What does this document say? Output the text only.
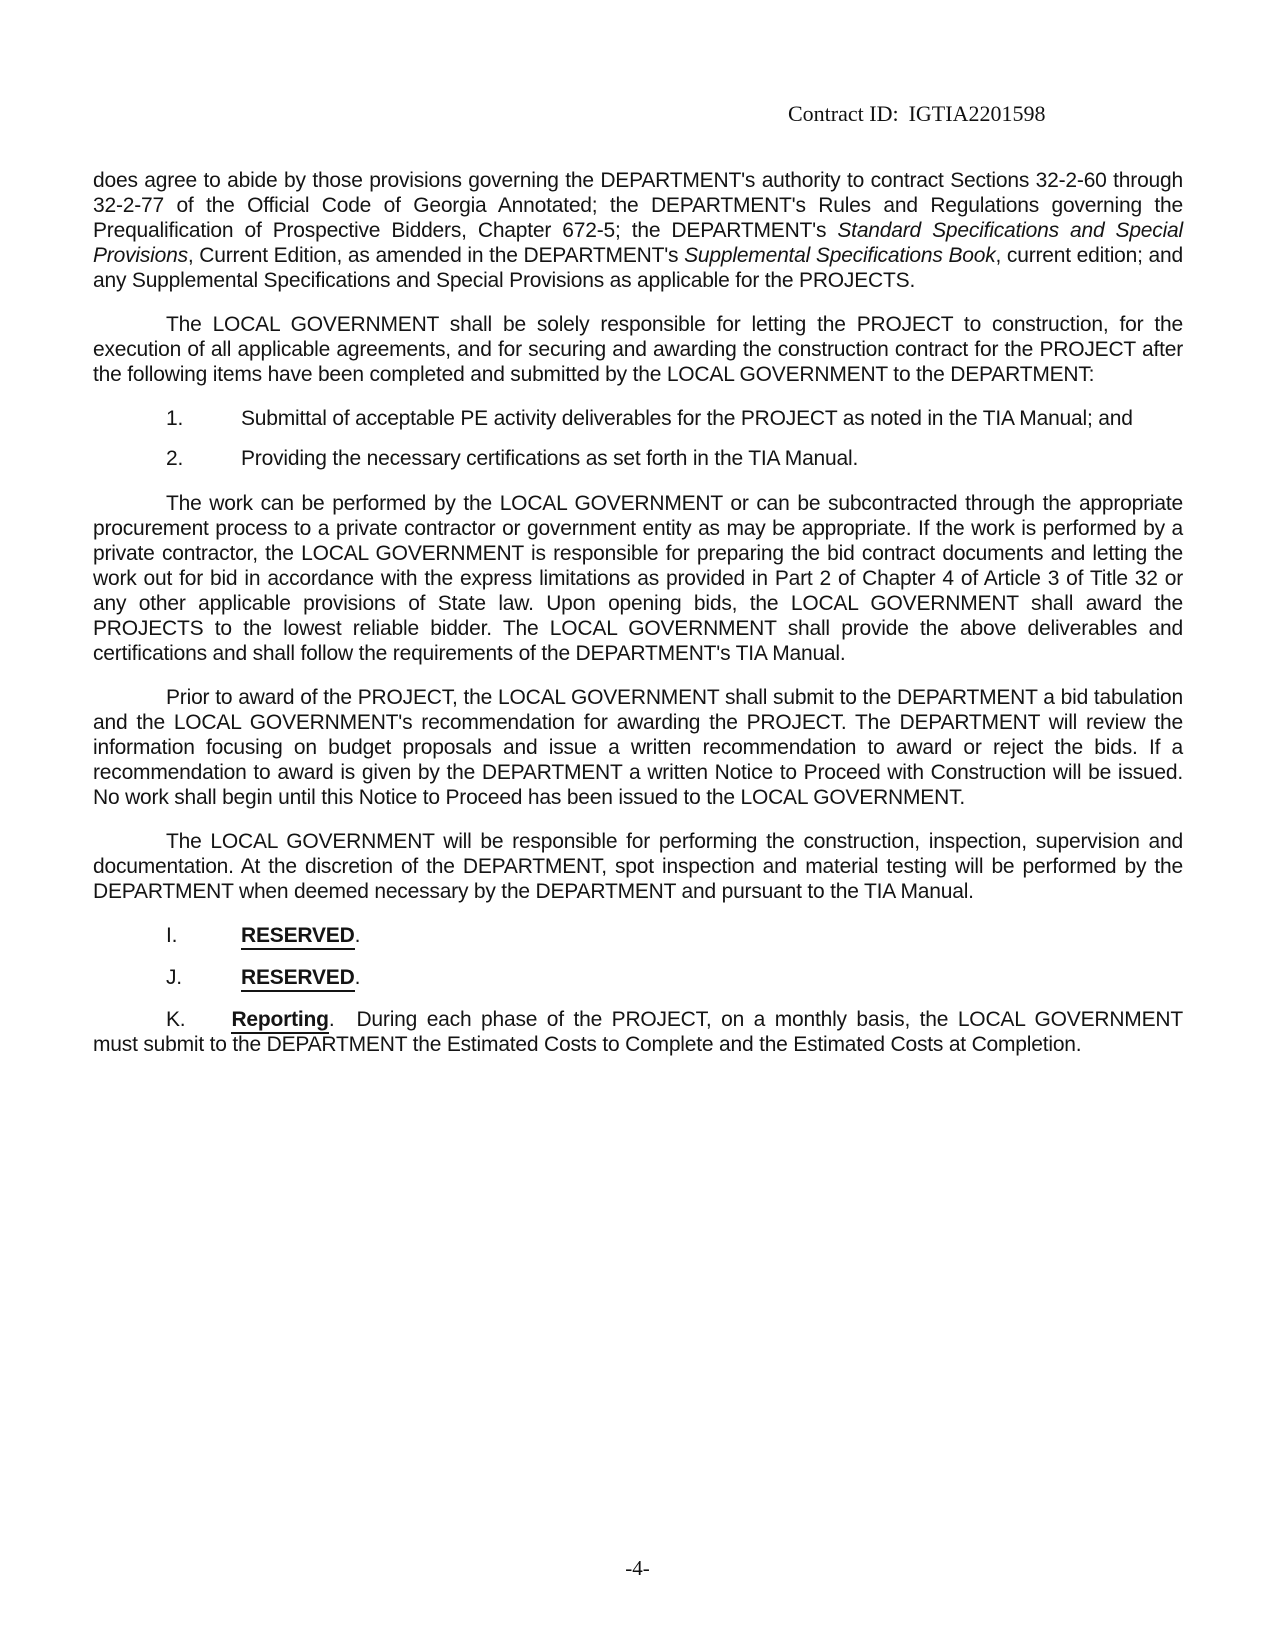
Contract ID: IGTIA2201598

does agree to abide by those provisions governing the DEPARTMENT's authority to contract Sections 32-2-60 through 32-2-77 of the Official Code of Georgia Annotated; the DEPARTMENT's Rules and Regulations governing the Prequalification of Prospective Bidders, Chapter 672-5; the DEPARTMENT's Standard Specifications and Special Provisions, Current Edition, as amended in the DEPARTMENT's Supplemental Specifications Book, current edition; and any Supplemental Specifications and Special Provisions as applicable for the PROJECTS.

The LOCAL GOVERNMENT shall be solely responsible for letting the PROJECT to construction, for the execution of all applicable agreements, and for securing and awarding the construction contract for the PROJECT after the following items have been completed and submitted by the LOCAL GOVERNMENT to the DEPARTMENT:

1.	Submittal of acceptable PE activity deliverables for the PROJECT as noted in the TIA Manual; and
2.	Providing the necessary certifications as set forth in the TIA Manual.

The work can be performed by the LOCAL GOVERNMENT or can be subcontracted through the appropriate procurement process to a private contractor or government entity as may be appropriate. If the work is performed by a private contractor, the LOCAL GOVERNMENT is responsible for preparing the bid contract documents and letting the work out for bid in accordance with the express limitations as provided in Part 2 of Chapter 4 of Article 3 of Title 32 or any other applicable provisions of State law. Upon opening bids, the LOCAL GOVERNMENT shall award the PROJECTS to the lowest reliable bidder. The LOCAL GOVERNMENT shall provide the above deliverables and certifications and shall follow the requirements of the DEPARTMENT's TIA Manual.

Prior to award of the PROJECT, the LOCAL GOVERNMENT shall submit to the DEPARTMENT a bid tabulation and the LOCAL GOVERNMENT's recommendation for awarding the PROJECT. The DEPARTMENT will review the information focusing on budget proposals and issue a written recommendation to award or reject the bids. If a recommendation to award is given by the DEPARTMENT a written Notice to Proceed with Construction will be issued. No work shall begin until this Notice to Proceed has been issued to the LOCAL GOVERNMENT.

The LOCAL GOVERNMENT will be responsible for performing the construction, inspection, supervision and documentation. At the discretion of the DEPARTMENT, spot inspection and material testing will be performed by the DEPARTMENT when deemed necessary by the DEPARTMENT and pursuant to the TIA Manual.

I.	RESERVED.
J.	RESERVED.

K. Reporting. During each phase of the PROJECT, on a monthly basis, the LOCAL GOVERNMENT must submit to the DEPARTMENT the Estimated Costs to Complete and the Estimated Costs at Completion.

-4-
